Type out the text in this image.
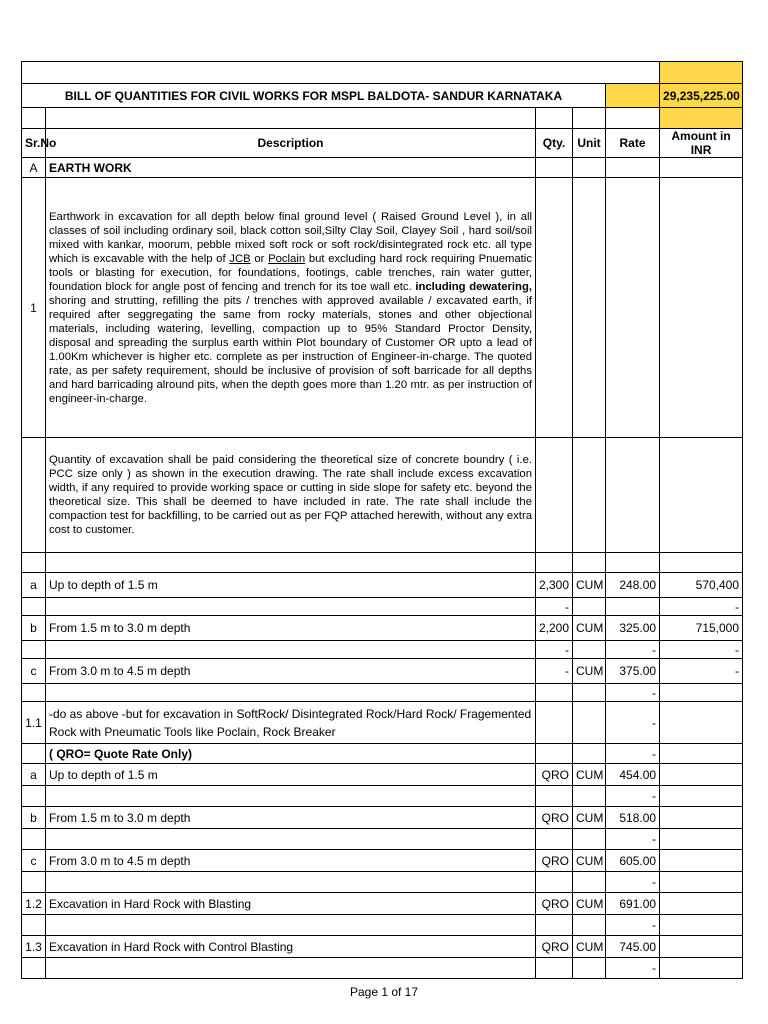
BILL OF QUANTITIES FOR CIVIL WORKS FOR MSPL BALDOTA- SANDUR KARNATAKA					29,235,225.00

Sr.No	Description	Qty.	Unit	Rate	Amount in INR
A	EARTH WORK				
1	Earthwork in excavation for all depth below final ground level ( Raised Ground Level ), in all classes of soil including ordinary soil, black cotton soil,Silty Clay Soil, Clayey Soil , hard soil/soil mixed with kankar, moorum, pebble mixed soft rock or soft rock/disintegrated rock etc. all type which is excavable with the help of JCB or Poclain but excluding hard rock requiring Pnuematic tools or blasting for execution, for foundations, footings, cable trenches, rain water gutter, foundation block for angle post of fencing and trench for its toe wall etc. including dewatering, shoring and strutting, refilling the pits / trenches with approved available / excavated earth, if required after seggregating the same from rocky materials, stones and other objectional materials, including watering, levelling, compaction up to 95% Standard Proctor Density, disposal and spreading the surplus earth within Plot boundary of Customer OR upto a lead of 1.00Km whichever is higher etc. complete as per instruction of Engineer-in-charge. The quoted rate, as per safety requirement, should be inclusive of provision of soft barricade for all depths and hard barricading alround pits, when the depth goes more than 1.20 mtr. as per instruction of engineer-in-charge.				
	Quantity of excavation shall be paid considering the theoretical size of concrete boundry ( i.e. PCC size only ) as shown in the execution drawing. The rate shall include excess excavation width, if any required to provide working space or cutting in side slope for safety etc. beyond the theoretical size. This shall be deemed to have included in rate. The rate shall include the compaction test for backfilling, to be carried out as per FQP attached herewith, without any extra cost to customer.				

a	Up to depth of 1.5 m	2,300	CUM	248.00	570,400
		-			-
b	From 1.5 m to 3.0 m depth	2,200	CUM	325.00	715,000
		-		-	-
c	From 3.0 m to 4.5 m depth	-	CUM	375.00	-
				-	
1.1	-do as above -but for excavation in SoftRock/ Disintegrated Rock/Hard Rock/ Fragemented Rock with Pneumatic Tools like Poclain, Rock Breaker			-	
	( QRO= Quote Rate Only)			-	
a	Up to depth of 1.5 m	QRO	CUM	454.00	
				-	
b	From 1.5 m to 3.0 m depth	QRO	CUM	518.00	
				-	
c	From 3.0 m to 4.5 m depth	QRO	CUM	605.00	
				-	
1.2	Excavation in Hard Rock with Blasting	QRO	CUM	691.00	
				-	
1.3	Excavation in Hard Rock with Control Blasting	QRO	CUM	745.00	
				-	
Page 1 of 17
